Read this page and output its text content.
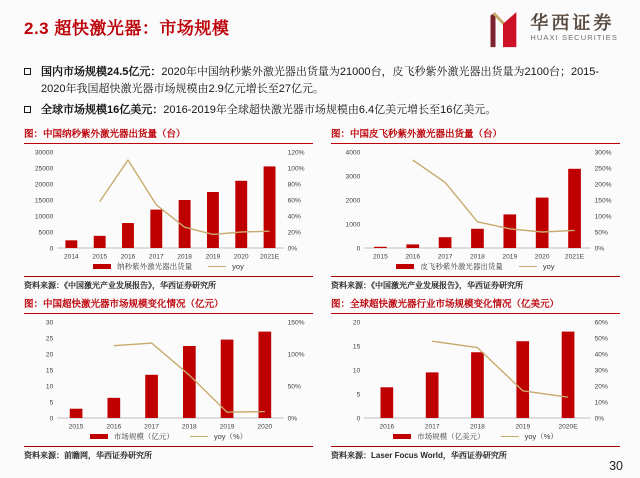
2.3 超快激光器：市场规模	华西证券
HUAXI SECURITIES

国内市场规模24.5亿元：2020年中国纳秒紫外激光器出货量为21000台，皮飞秒紫外激光器出货量为2100台；2015-2020年我国超快激光器市场规模由2.9亿元增长至27亿元。

全球市场规模16亿美元：2016-2019年全球超快激光器市场规模由6.4亿美元增长至16亿美元。

图：中国纳秒紫外激光器出货量（台）
0
5000
10000
15000
20000
25000
30000
0%
20%
40%
60%
80%
100%
120%
2014 2015 2016 2017 2018 2019 2020 2021E
纳秒紫外激光器出货量	yoy
资料来源：《中国激光产业发展报告》，华西证券研究所
图：中国皮飞秒紫外激光器出货量（台）
0
1000
2000
3000
4000
0%
50%
100%
150%
200%
250%
300%
2015	2016	2017	2018	2019	2020 2021E
皮飞秒紫外激光器出货量	yoy
资料来源：《中国激光产业发展报告》，华西证券研究所
图：中国超快激光器市场规模变化情况（亿元）
0
5
10
15
20
25
30
0%
50%
100%
150%
2015	2016	2017	2018	2019	2020
市场规模（亿元）	yoy（%）
资料来源：前瞻网，华西证券研究所
图：全球超快激光器行业市场规模变化情况（亿美元）
0
5
10
15
20
0%
10%
20%
30%
40%
50%
60%
2016	2017	2018	2019	2020E
市场规模（亿美元）	yoy（%）
资料来源：Laser Focus World，华西证券研究所
30
